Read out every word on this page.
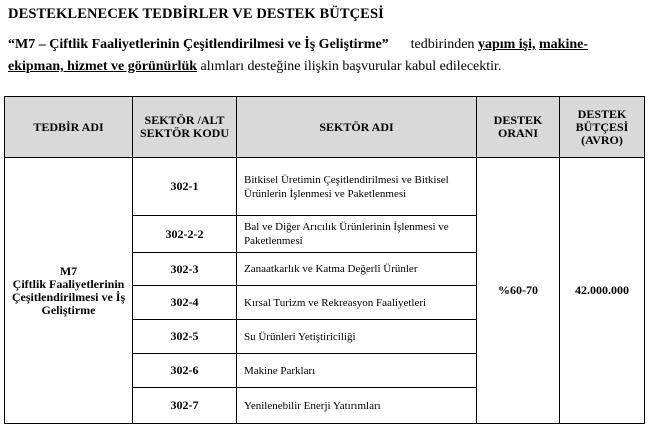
DESTEKLENECEK TEDBİRLER VE DESTEK BÜTÇESİ
“M7 – Çiftlik Faaliyetlerinin Çeşitlendirilmesi ve İş Geliştirme” tedbirinden yapım işi, makine-ekipman, hizmet ve görünürlük alımları desteğine ilişkin başvurular kabul edilecektir.
TEDBİR ADI	SEKTÖR /ALT SEKTÖR KODU	SEKTÖR ADI	DESTEK ORANI	DESTEK BÜTÇESİ (AVRO)

M7
Çiftlik Faaliyetlerinin Çeşitlendirilmesi ve İş Geliştirme	302-1	Bitkisel Üretimin Çeşitlendirilmesi ve Bitkisel Ürünlerin İşlenmesi ve Paketlenmesi	%60-70	42.000.000
	302-2-2	Bal ve Diğer Arıcılık Ürünlerinin İşlenmesi ve Paketlenmesi		
	302-3	Zanaatkarlık ve Katma Değerli Ürünler		
	302-4	Kırsal Turizm ve Rekreasyon Faaliyetleri		
	302-5	Su Ürünleri Yetiştiriciliği		
	302-6	Makine Parkları		
	302-7	Yenilenebilir Enerji Yatırımları		
